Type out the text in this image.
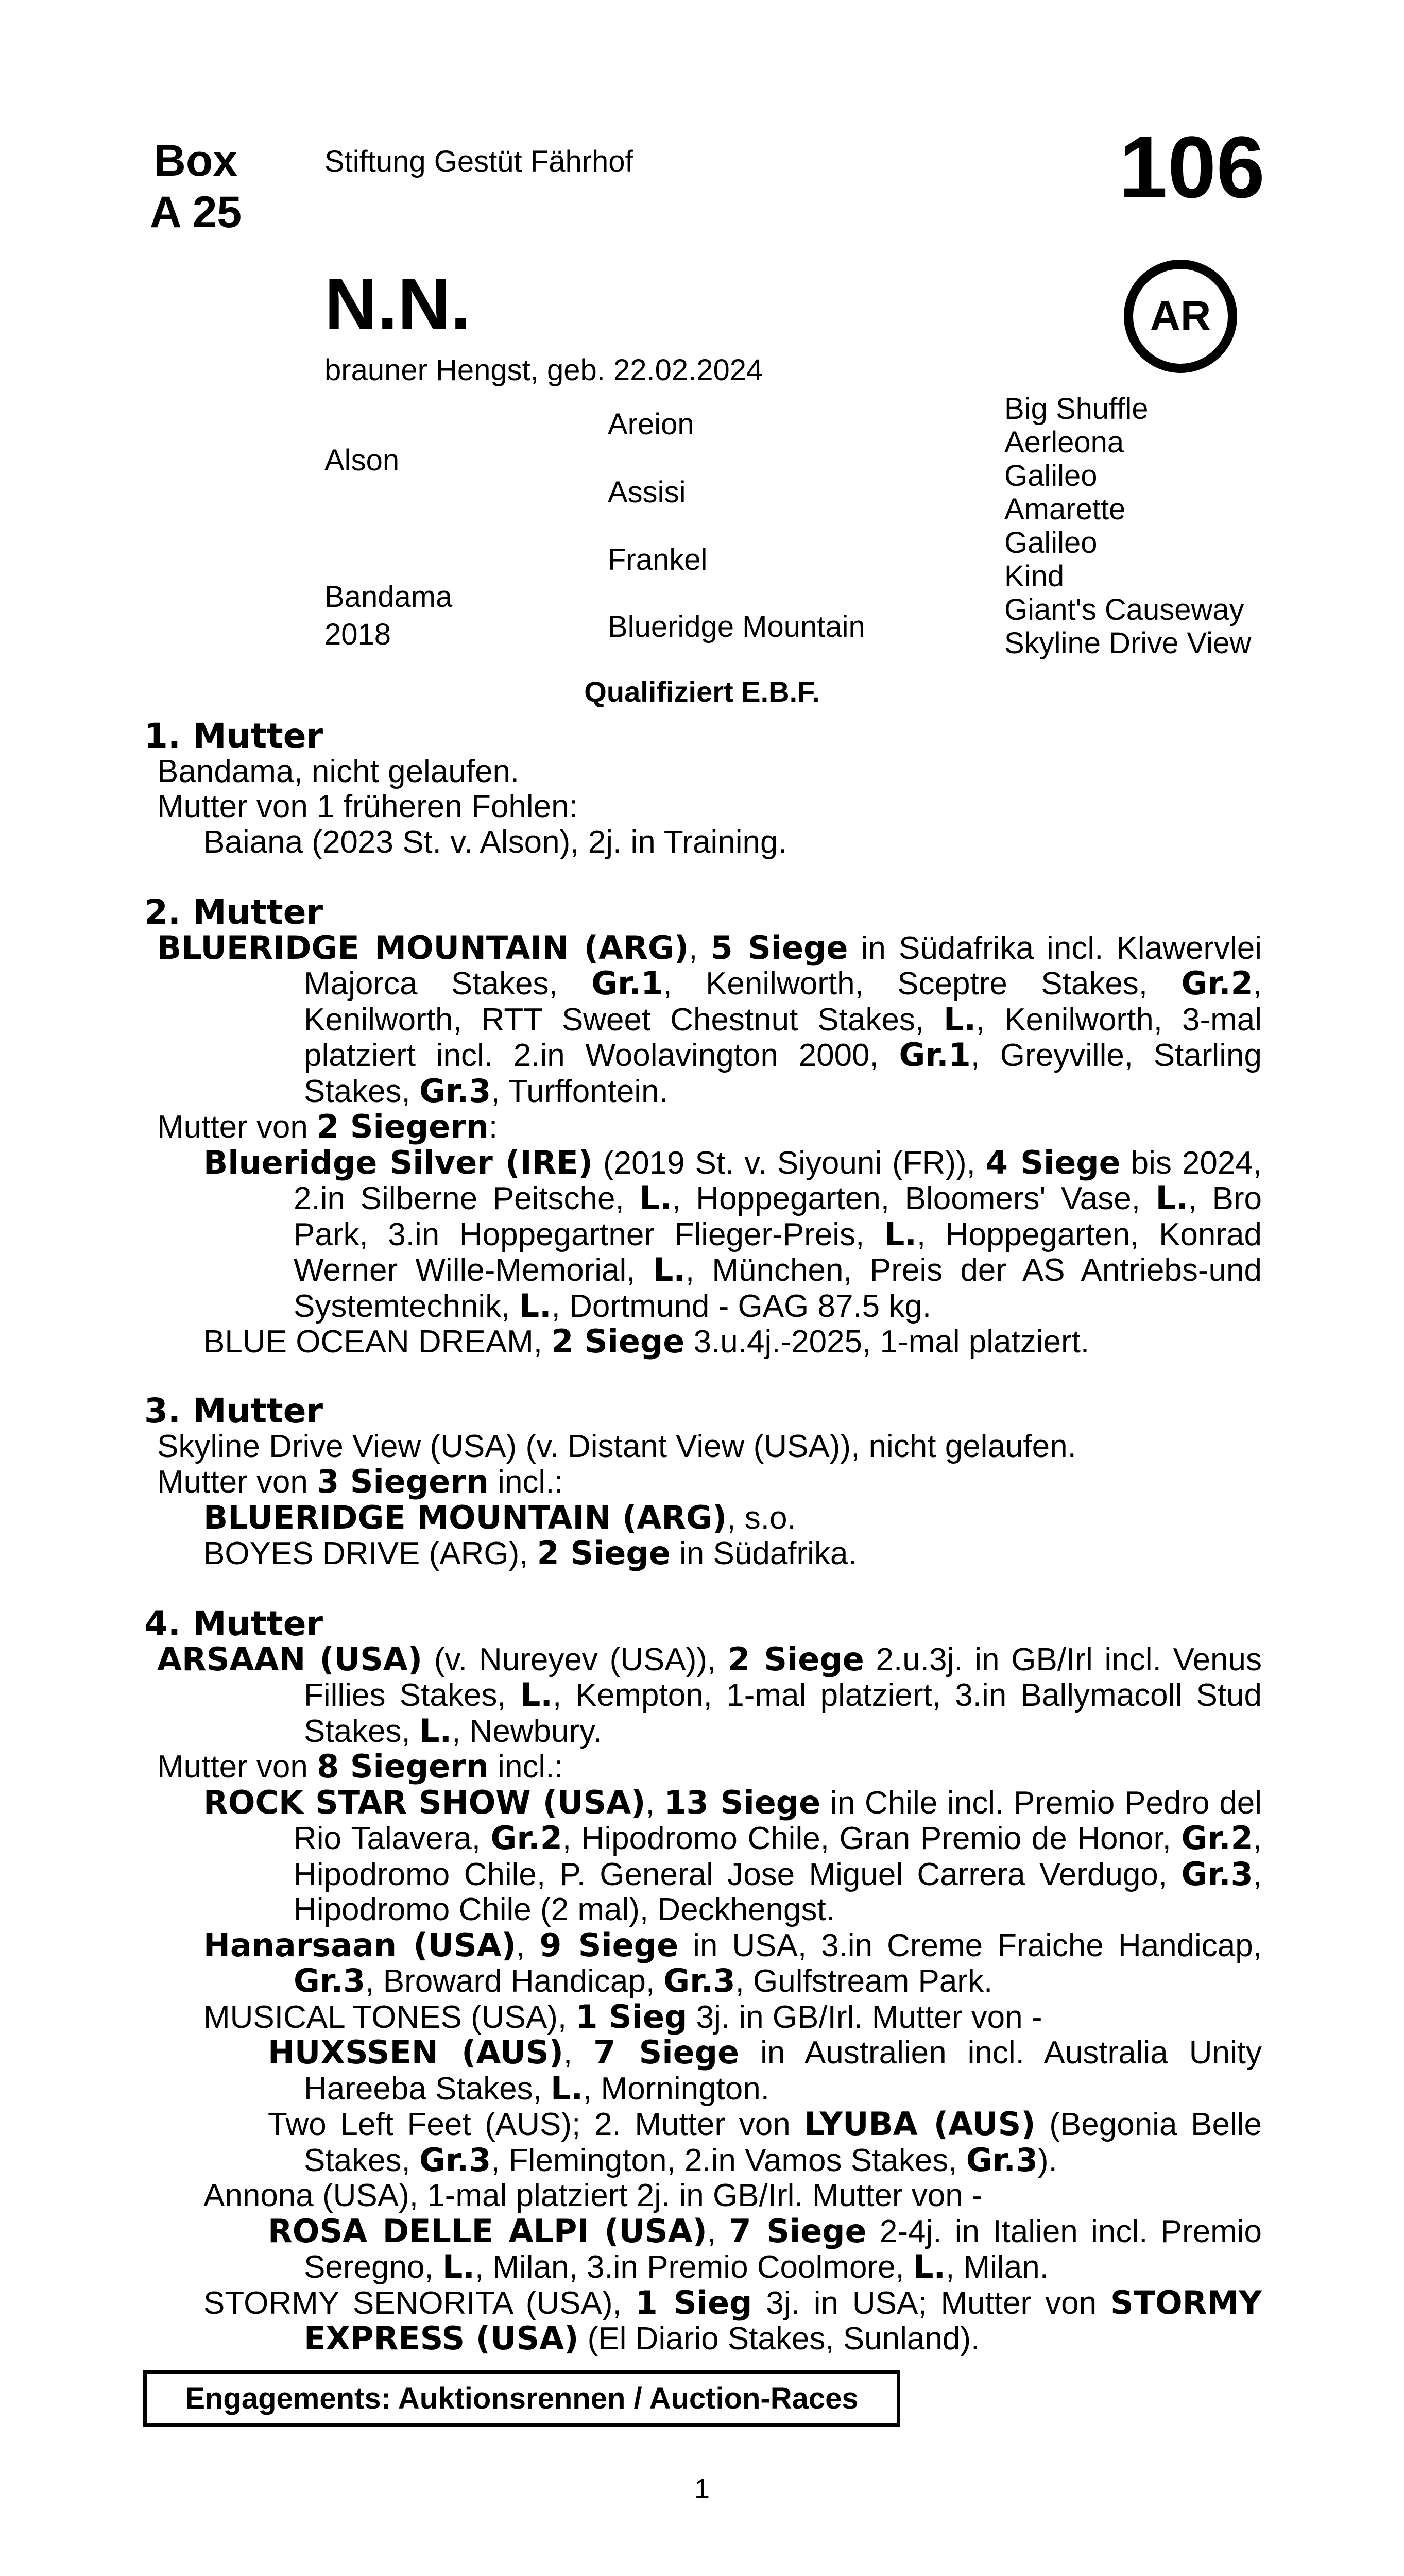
Box
A 25
Stiftung Gestüt Fährhof	106
AR
N.N.
brauner Hengst, geb. 22.02.2024
Alson
Bandama
2018
Areion
Assisi
Frankel
Blueridge Mountain
Big Shuffle
Aerleona
Galileo
Amarette
Galileo
Kind
Giant's Causeway
Skyline Drive View
Qualifiziert E.B.F.

1. Mutter

Bandama, nicht gelaufen.

Mutter von 1 früheren Fohlen:

Baiana (2023 St. v. Alson), 2j. in Training.

2. Mutter

BLUERIDGE MOUNTAIN (ARG), 5 Siege in Südafrika incl. Klawervlei Majorca Stakes, Gr.1, Kenilworth, Sceptre Stakes, Gr.2, Kenilworth, RTT Sweet Chestnut Stakes, L., Kenilworth, 3-mal platziert incl. 2.in Woolavington 2000, Gr.1, Greyville, Starling Stakes, Gr.3, Turffontein.

Mutter von 2 Siegern:

Blueridge Silver (IRE) (2019 St. v. Siyouni (FR)), 4 Siege bis 2024, 2.in Silberne Peitsche, L., Hoppegarten, Bloomers' Vase, L., Bro Park, 3.in Hoppegartner Flieger-Preis, L., Hoppegarten, Konrad Werner Wille-Memorial, L., München, Preis der AS Antriebs-und Systemtechnik, L., Dortmund - GAG 87.5 kg.

BLUE OCEAN DREAM, 2 Siege 3.u.4j.-2025, 1-mal platziert.

3. Mutter

Skyline Drive View (USA) (v. Distant View (USA)), nicht gelaufen.

Mutter von 3 Siegern incl.:

BLUERIDGE MOUNTAIN (ARG), s.o.

BOYES DRIVE (ARG), 2 Siege in Südafrika.

4. Mutter

ARSAAN (USA) (v. Nureyev (USA)), 2 Siege 2.u.3j. in GB/Irl incl. Venus Fillies Stakes, L., Kempton, 1-mal platziert, 3.in Ballymacoll Stud Stakes, L., Newbury.

Mutter von 8 Siegern incl.:

ROCK STAR SHOW (USA), 13 Siege in Chile incl. Premio Pedro del Rio Talavera, Gr.2, Hipodromo Chile, Gran Premio de Honor, Gr.2, Hipodromo Chile, P. General Jose Miguel Carrera Verdugo, Gr.3, Hipodromo Chile (2 mal), Deckhengst.

Hanarsaan (USA), 9 Siege in USA, 3.in Creme Fraiche Handicap, Gr.3, Broward Handicap, Gr.3, Gulfstream Park.

MUSICAL TONES (USA), 1 Sieg 3j. in GB/Irl. Mutter von -

HUXSSEN (AUS), 7 Siege in Australien incl. Australia Unity Hareeba Stakes, L., Mornington.

Two Left Feet (AUS); 2. Mutter von LYUBA (AUS) (Begonia Belle Stakes, Gr.3, Flemington, 2.in Vamos Stakes, Gr.3).

Annona (USA), 1-mal platziert 2j. in GB/Irl. Mutter von -

ROSA DELLE ALPI (USA), 7 Siege 2-4j. in Italien incl. Premio Seregno, L., Milan, 3.in Premio Coolmore, L., Milan.

STORMY SENORITA (USA), 1 Sieg 3j. in USA; Mutter von STORMY EXPRESS (USA) (El Diario Stakes, Sunland).

Engagements: Auktionsrennen / Auction-Races
1
